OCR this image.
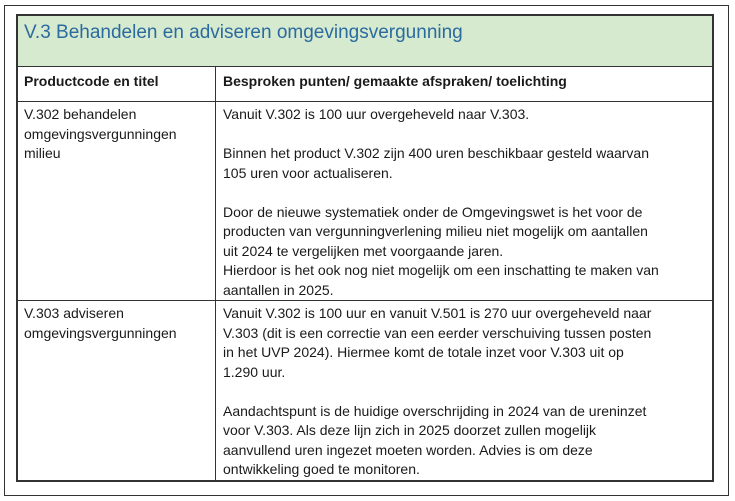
V.3 Behandelen en adviseren omgevingsvergunning
Productcode en titel	Besproken punten/ gemaakte afspraken/ toelichting
V.302 behandelen
omgevingsvergunningen
milieu
Vanuit V.302 is 100 uur overgeheveld naar V.303.
Binnen het product V.302 zijn 400 uren beschikbaar gesteld waarvan
105 uren voor actualiseren.
Door de nieuwe systematiek onder de Omgevingswet is het voor de
producten van vergunningverlening milieu niet mogelijk om aantallen
uit 2024 te vergelijken met voorgaande jaren.
Hierdoor is het ook nog niet mogelijk om een inschatting te maken van
aantallen in 2025.
V.303 adviseren
omgevingsvergunningen
Vanuit V.302 is 100 uur en vanuit V.501 is 270 uur overgeheveld naar
V.303 (dit is een correctie van een eerder verschuiving tussen posten
in het UVP 2024). Hiermee komt de totale inzet voor V.303 uit op
1.290 uur.
Aandachtspunt is de huidige overschrijding in 2024 van de ureninzet
voor V.303. Als deze lijn zich in 2025 doorzet zullen mogelijk
aanvullend uren ingezet moeten worden. Advies is om deze
ontwikkeling goed te monitoren.
